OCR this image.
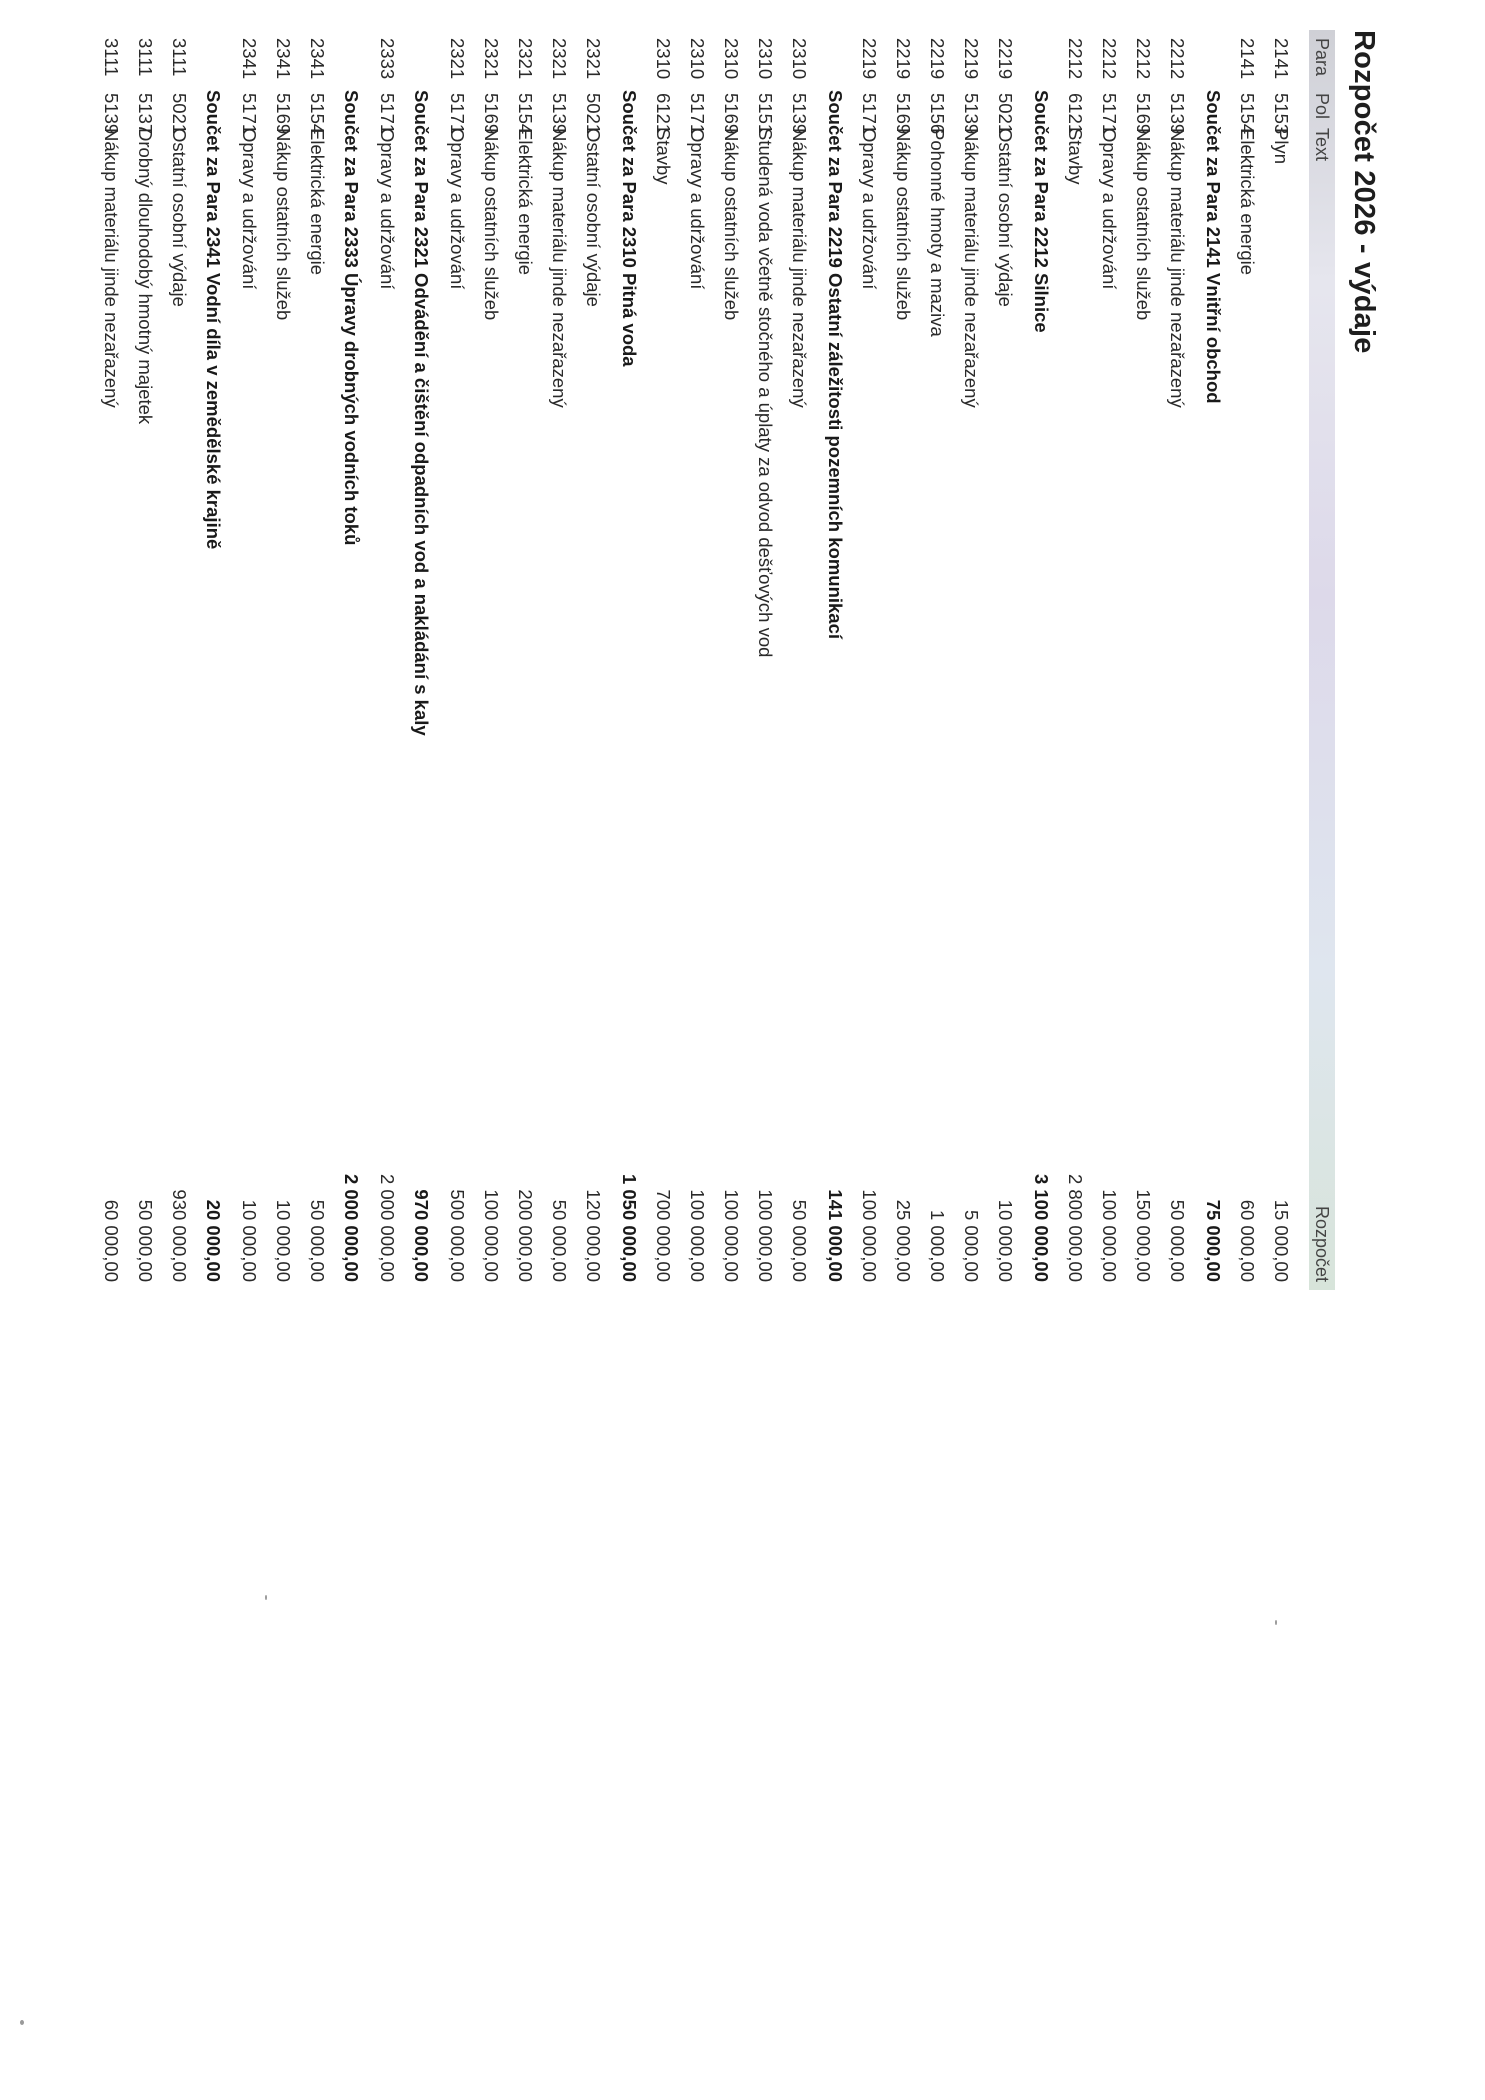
Rozpočet 2026 - výdaje
Para
Pol
Text
Rozpočet
2141
5153
Plyn
15 000,00
2141
5154
Elektrická energie
60 000,00
Součet za Para 2141 Vnitřní obchod
75 000,00
2212
5139
Nákup materiálu jinde nezařazený
50 000,00
2212
5169
Nákup ostatních služeb
150 000,00
2212
5171
Opravy a udržování
100 000,00
2212
6121
Stavby
2 800 000,00
Součet za Para 2212 Silnice
3 100 000,00
2219
5021
Ostatní osobní výdaje
10 000,00
2219
5139
Nákup materiálu jinde nezařazený
5 000,00
2219
5156
Pohonné hmoty a maziva
1 000,00
2219
5169
Nákup ostatních služeb
25 000,00
2219
5171
Opravy a udržování
100 000,00
Součet za Para 2219 Ostatní záležitosti pozemních komunikací
141 000,00
2310
5139
Nákup materiálu jinde nezařazený
50 000,00
2310
5151
Studená voda včetně stočného a úplaty za odvod dešťových vod
100 000,00
2310
5169
Nákup ostatních služeb
100 000,00
2310
5171
Opravy a udržování
100 000,00
2310
6121
Stavby
700 000,00
Součet za Para 2310 Pitná voda
1 050 000,00
2321
5021
Ostatní osobní výdaje
120 000,00
2321
5139
Nákup materiálu jinde nezařazený
50 000,00
2321
5154
Elektrická energie
200 000,00
2321
5169
Nákup ostatních služeb
100 000,00
2321
5171
Opravy a udržování
500 000,00
Součet za Para 2321 Odvádění a čištění odpadních vod a nakládání s kaly
970 000,00
2333
5171
Opravy a udržování
2 000 000,00
Součet za Para 2333 Úpravy drobných vodních toků
2 000 000,00
2341
5154
Elektrická energie
50 000,00
2341
5169
Nákup ostatních služeb
10 000,00
2341
5171
Opravy a udržování
10 000,00
Součet za Para 2341 Vodní díla v zemědělské krajině
20 000,00
3111
5021
Ostatní osobní výdaje
930 000,00
3111
5137
Drobný dlouhodobý hmotný majetek
50 000,00
3111
5139
Nákup materiálu jinde nezařazený
60 000,00
